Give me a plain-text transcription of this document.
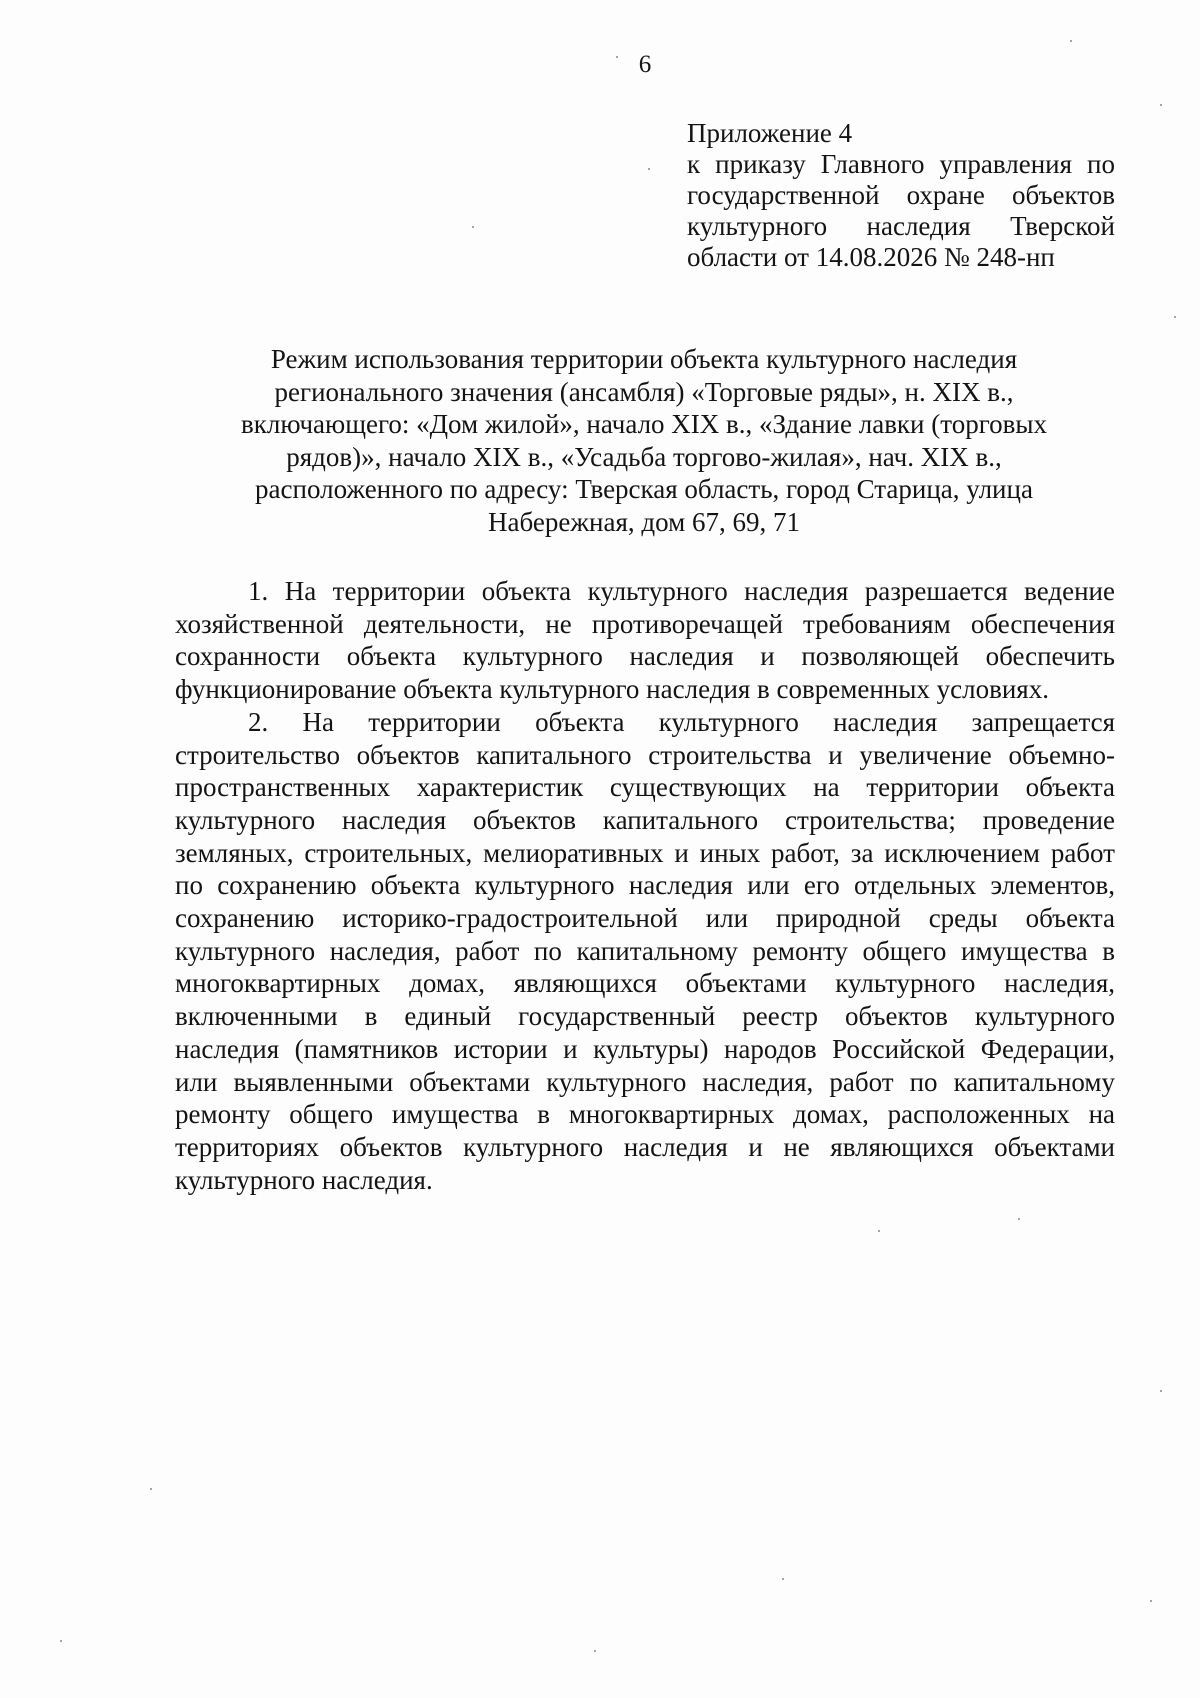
6
Приложение 4
к приказу Главного управления по
государственной охране объектов
культурного наследия Тверской
области от 14.08.2026 № 248-нп
Режим использования территории объекта культурного наследия
регионального значения (ансамбля) «Торговые ряды», н. XIX в.,
включающего: «Дом жилой», начало XIX в., «Здание лавки (торговых
рядов)», начало XIX в., «Усадьба торгово-жилая», нач. XIX в.,
расположенного по адресу: Тверская область, город Старица, улица
Набережная, дом 67, 69, 71
1. На территории объекта культурного наследия разрешается ведение
хозяйственной деятельности, не противоречащей требованиям обеспечения
сохранности объекта культурного наследия и позволяющей обеспечить
функционирование объекта культурного наследия в современных условиях.
2. На территории объекта культурного наследия запрещается
строительство объектов капитального строительства и увеличение объемно-
пространственных характеристик существующих на территории объекта
культурного наследия объектов капитального строительства; проведение
земляных, строительных, мелиоративных и иных работ, за исключением работ
по сохранению объекта культурного наследия или его отдельных элементов,
сохранению историко-градостроительной или природной среды объекта
культурного наследия, работ по капитальному ремонту общего имущества в
многоквартирных домах, являющихся объектами культурного наследия,
включенными в единый государственный реестр объектов культурного
наследия (памятников истории и культуры) народов Российской Федерации,
или выявленными объектами культурного наследия, работ по капитальному
ремонту общего имущества в многоквартирных домах, расположенных на
территориях объектов культурного наследия и не являющихся объектами
культурного наследия.
